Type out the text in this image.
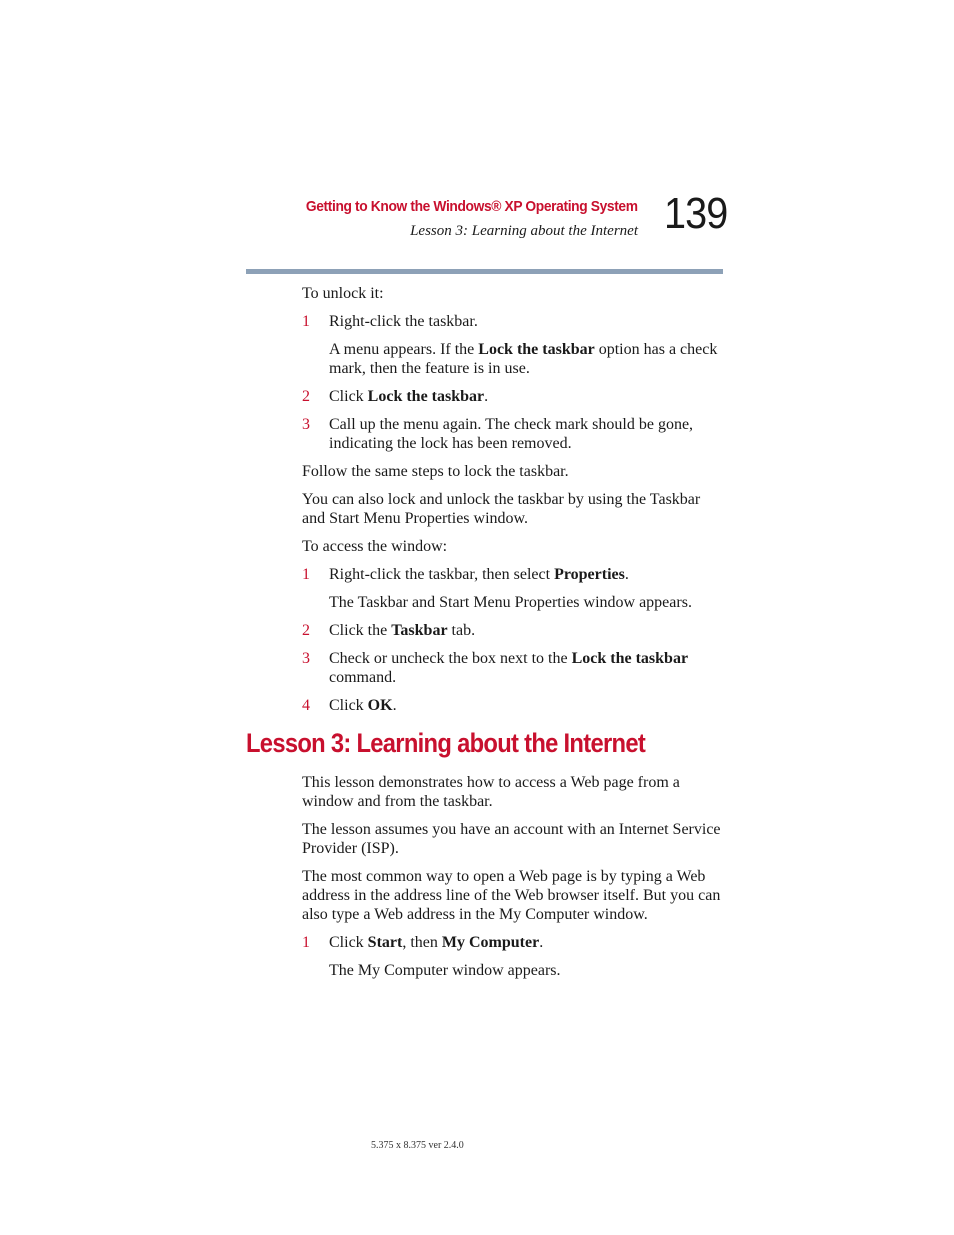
Getting to Know the Windows® XP Operating System
Lesson 3: Learning about the Internet 139

To unlock it:

1 Right-click the taskbar.
A menu appears. If the Lock the taskbar option has a check mark, then the feature is in use.
2 Click Lock the taskbar.
3 Call up the menu again. The check mark should be gone, indicating the lock has been removed.

Follow the same steps to lock the taskbar.

You can also lock and unlock the taskbar by using the Taskbar and Start Menu Properties window.

To access the window:

1 Right-click the taskbar, then select Properties.
The Taskbar and Start Menu Properties window appears.
2 Click the Taskbar tab.
3 Check or uncheck the box next to the Lock the taskbar command.
4 Click OK.
Lesson 3: Learning about the Internet

This lesson demonstrates how to access a Web page from a window and from the taskbar.

The lesson assumes you have an account with an Internet Service Provider (ISP).

The most common way to open a Web page is by typing a Web address in the address line of the Web browser itself. But you can also type a Web address in the My Computer window.

1 Click Start, then My Computer.
The My Computer window appears.
5.375 x 8.375 ver 2.4.0
